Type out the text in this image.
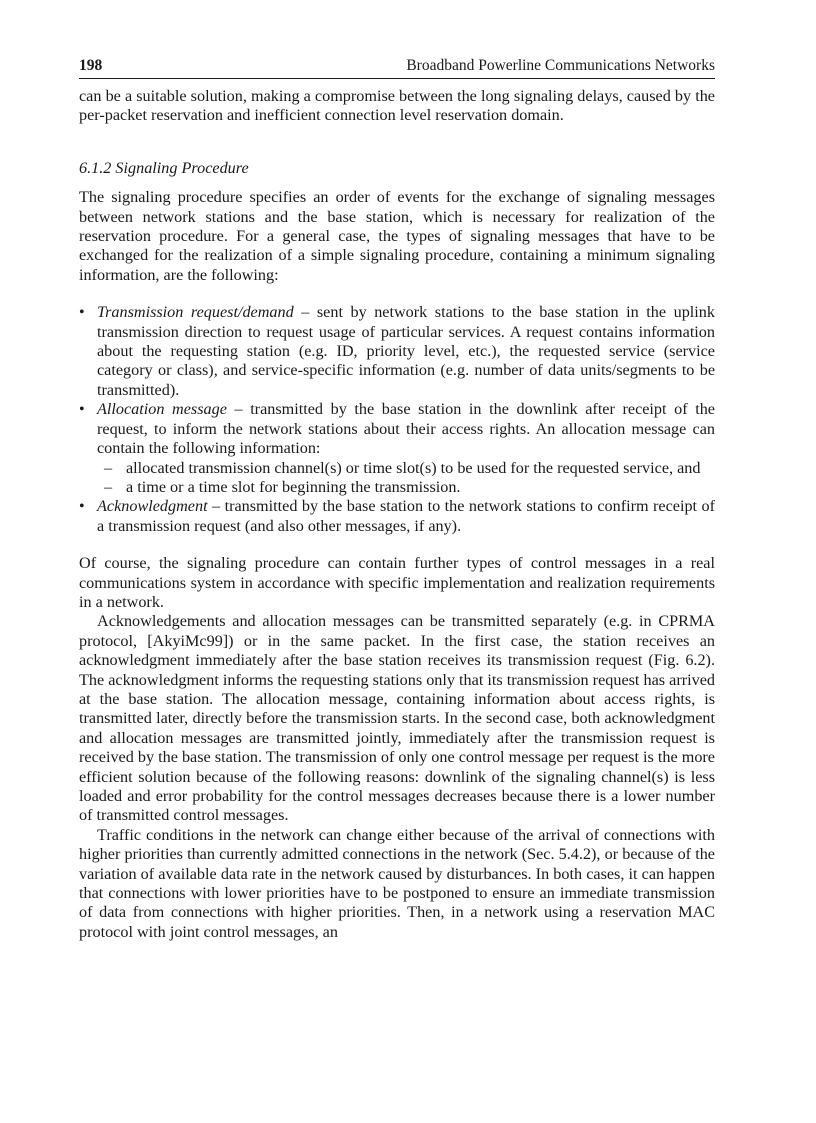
198	Broadband Powerline Communications Networks

can be a suitable solution, making a compromise between the long signaling delays, caused by the per-packet reservation and inefficient connection level reservation domain.

6.1.2 Signaling Procedure

The signaling procedure specifies an order of events for the exchange of signaling messages between network stations and the base station, which is necessary for realization of the reservation procedure. For a general case, the types of signaling messages that have to be exchanged for the realization of a simple signaling procedure, containing a minimum signaling information, are the following:

• Transmission request/demand – sent by network stations to the base station in the uplink transmission direction to request usage of particular services. A request contains information about the requesting station (e.g. ID, priority level, etc.), the requested service (service category or class), and service-specific information (e.g. number of data units/segments to be transmitted).
• Allocation message – transmitted by the base station in the downlink after receipt of the request, to inform the network stations about their access rights. An allocation message can contain the following information:
– allocated transmission channel(s) or time slot(s) to be used for the requested service, and
– a time or a time slot for beginning the transmission.
• Acknowledgment – transmitted by the base station to the network stations to confirm receipt of a transmission request (and also other messages, if any).

Of course, the signaling procedure can contain further types of control messages in a real communications system in accordance with specific implementation and realization requirements in a network.

Acknowledgements and allocation messages can be transmitted separately (e.g. in CPRMA protocol, [AkyiMc99]) or in the same packet. In the first case, the station receives an acknowledgment immediately after the base station receives its transmission request (Fig. 6.2). The acknowledgment informs the requesting stations only that its transmission request has arrived at the base station. The allocation message, containing information about access rights, is transmitted later, directly before the transmission starts. In the second case, both acknowledgment and allocation messages are transmitted jointly, immediately after the transmission request is received by the base station. The transmission of only one control message per request is the more efficient solution because of the following reasons: downlink of the signaling channel(s) is less loaded and error probability for the control messages decreases because there is a lower number of transmitted control messages.

Traffic conditions in the network can change either because of the arrival of connections with higher priorities than currently admitted connections in the network (Sec. 5.4.2), or because of the variation of available data rate in the network caused by disturbances. In both cases, it can happen that connections with lower priorities have to be postponed to ensure an immediate transmission of data from connections with higher priorities. Then, in a network using a reservation MAC protocol with joint control messages, an
